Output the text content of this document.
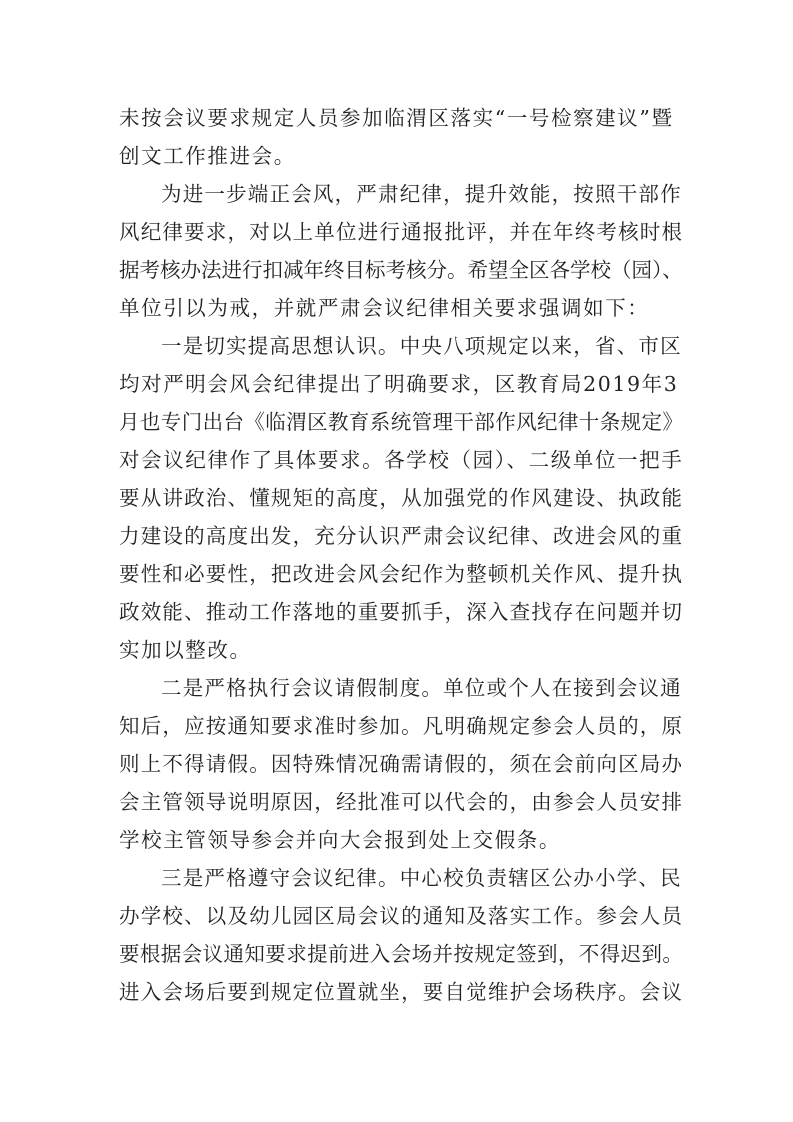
未按会议要求规定人员参加临渭区落实“一号检察建议”暨
创文工作推进会。
为进一步端正会风，严肃纪律，提升效能，按照干部作
风纪律要求，对以上单位进行通报批评，并在年终考核时根
据考核办法进行扣减年终目标考核分。希望全区各学校（园）、
单位引以为戒，并就严肃会议纪律相关要求强调如下：
一是切实提高思想认识。中央八项规定以来，省、市区
均对严明会风会纪律提出了明确要求，区教育局2019年3
月也专门出台《临渭区教育系统管理干部作风纪律十条规定》
对会议纪律作了具体要求。各学校（园）、二级单位一把手
要从讲政治、懂规矩的高度，从加强党的作风建设、执政能
力建设的高度出发，充分认识严肃会议纪律、改进会风的重
要性和必要性，把改进会风会纪作为整顿机关作风、提升执
政效能、推动工作落地的重要抓手，深入查找存在问题并切
实加以整改。
二是严格执行会议请假制度。单位或个人在接到会议通
知后，应按通知要求准时参加。凡明确规定参会人员的，原
则上不得请假。因特殊情况确需请假的，须在会前向区局办
会主管领导说明原因，经批准可以代会的，由参会人员安排
学校主管领导参会并向大会报到处上交假条。
三是严格遵守会议纪律。中心校负责辖区公办小学、民
办学校、以及幼儿园区局会议的通知及落实工作。参会人员
要根据会议通知要求提前进入会场并按规定签到，不得迟到。
进入会场后要到规定位置就坐，要自觉维护会场秩序。会议
